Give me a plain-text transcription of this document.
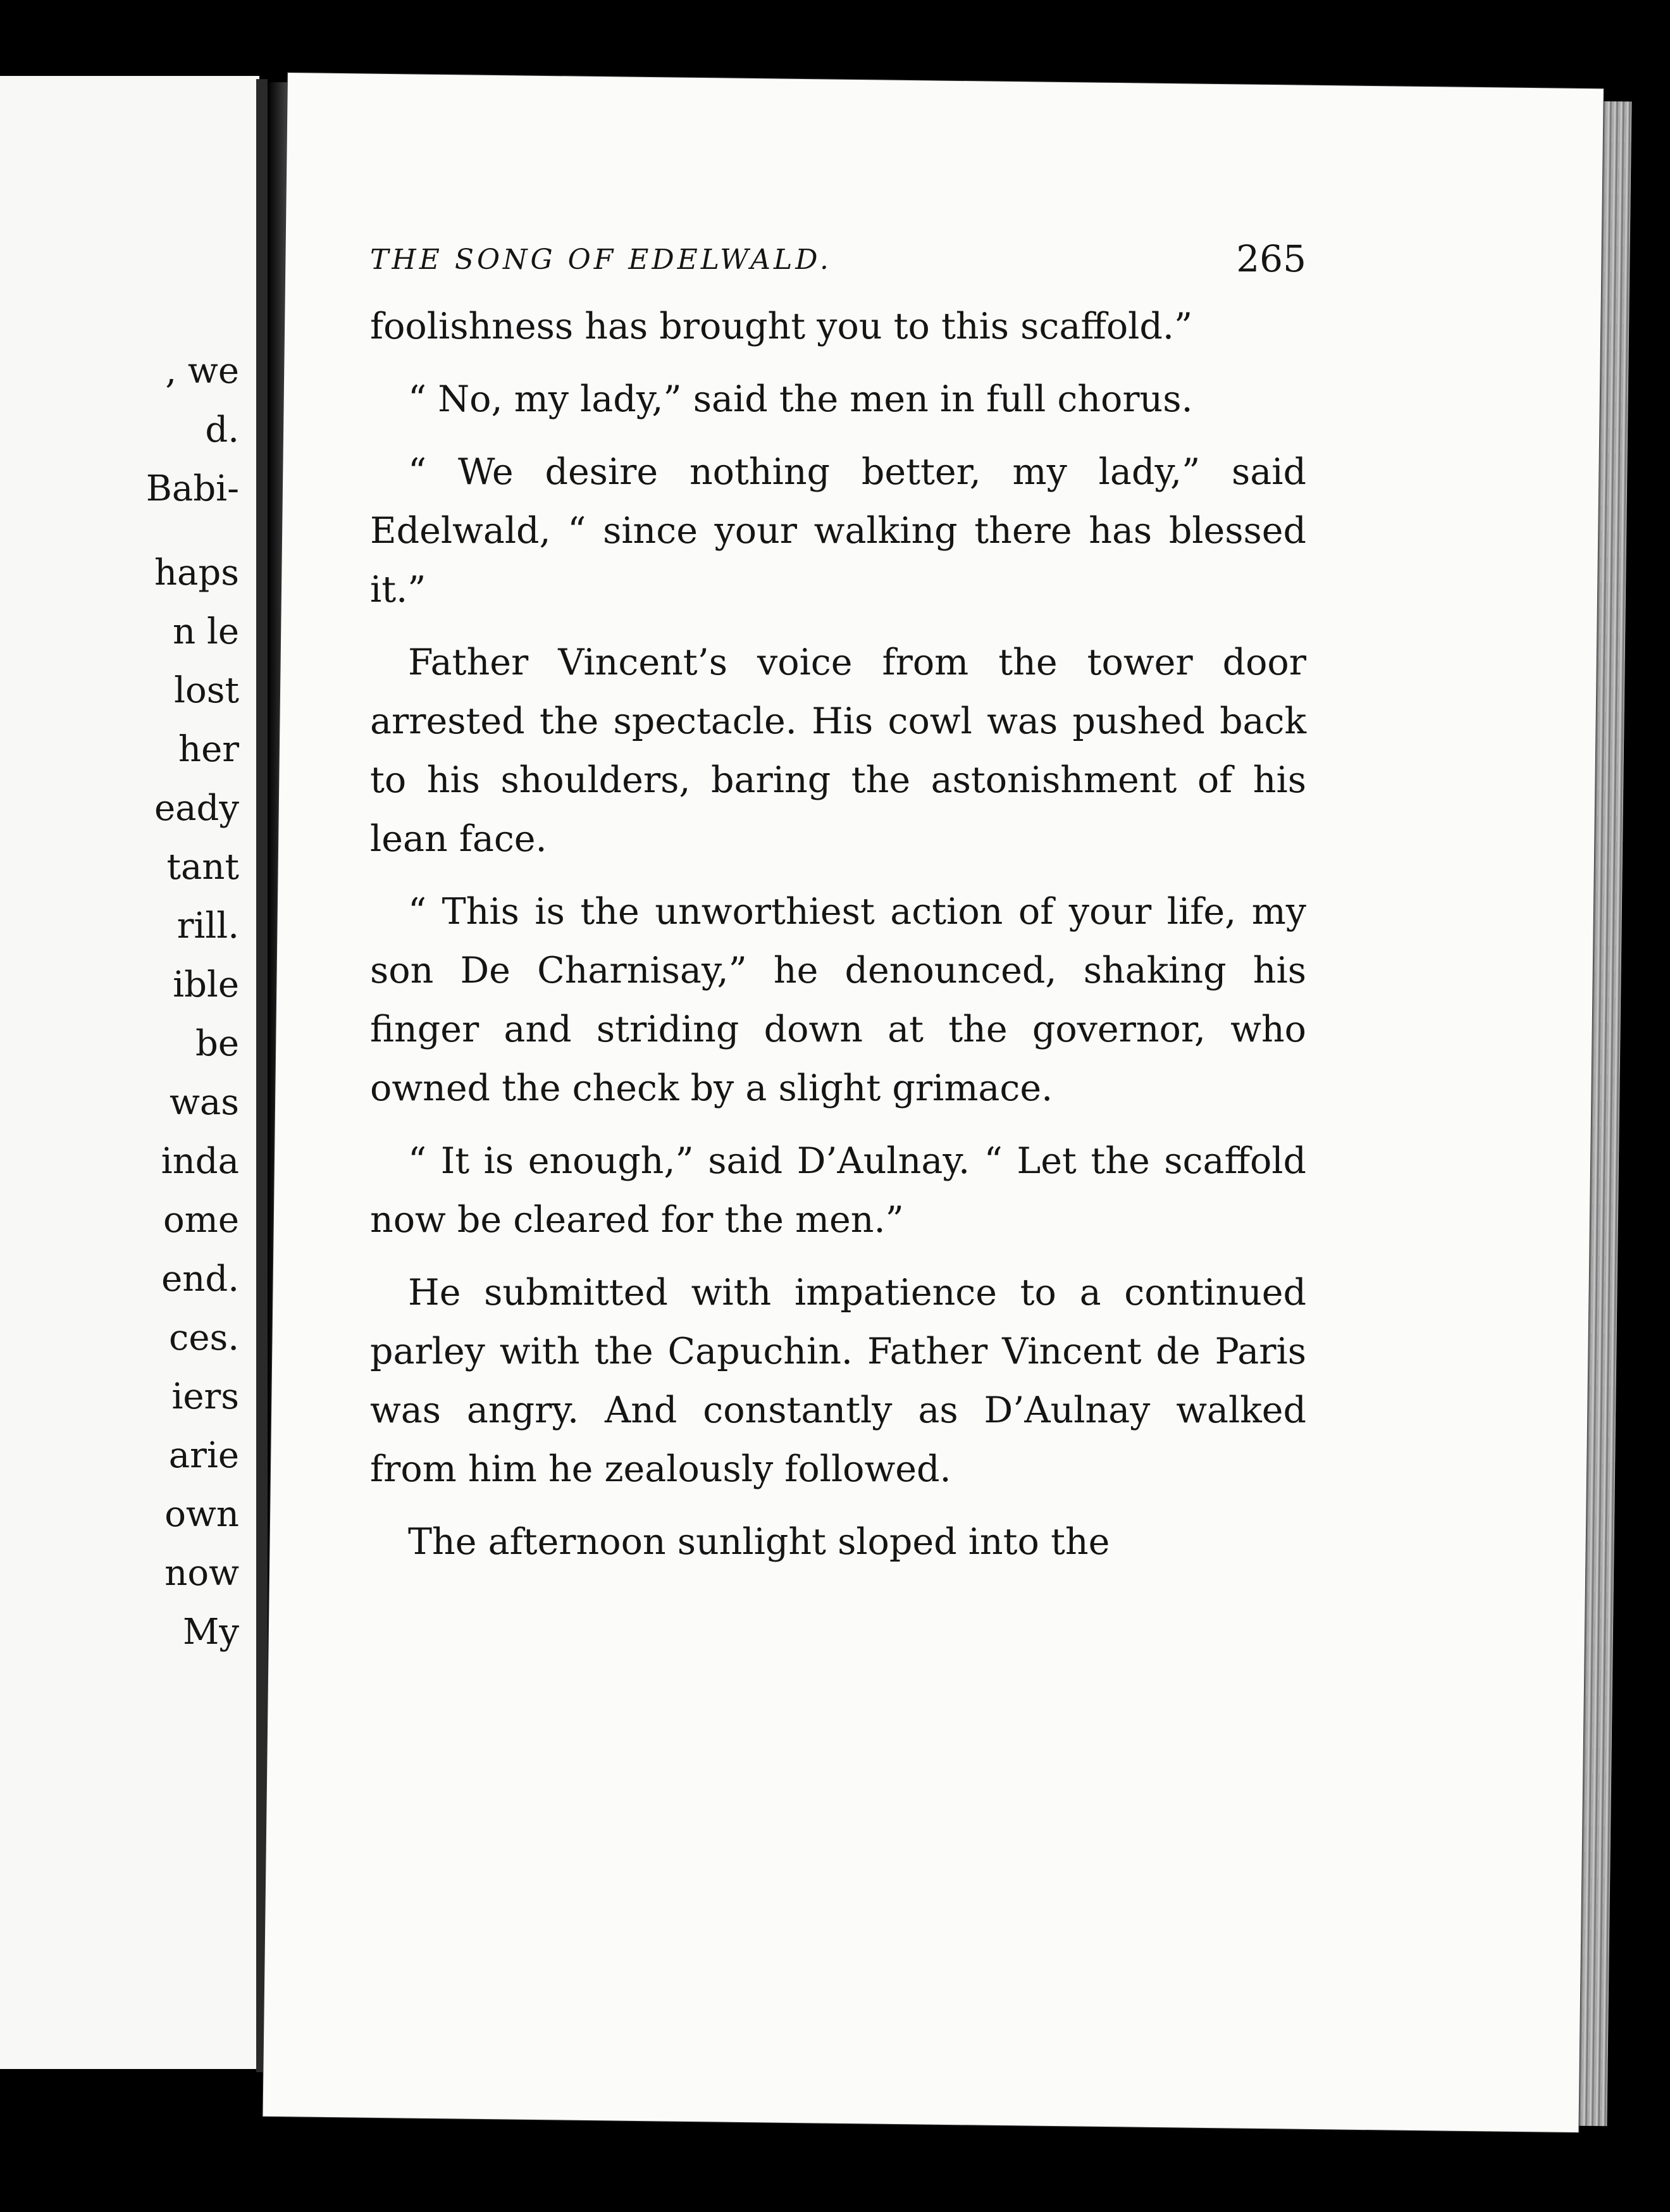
, we
d.
Babi-
haps
n le
lost
her
eady
tant
rill.
ible
be
was
inda
ome
end.
ces.
iers
arie
own
now
My
THE SONG OF EDELWALD.	265

foolishness has brought you to this scaffold.”

“ No, my lady,” said the men in full chorus.

“ We desire nothing better, my lady,” said Edelwald, “ since your walking there has blessed it.”

Father Vincent’s voice from the tower door arrested the spectacle. His cowl was pushed back to his shoulders, baring the astonishment of his lean face.

“ This is the unworthiest action of your life, my son De Charnisay,” he denounced, shaking his finger and striding down at the governor, who owned the check by a slight grimace.

“ It is enough,” said D’Aulnay. “ Let the scaffold now be cleared for the men.”

He submitted with impatience to a continued parley with the Capuchin. Father Vincent de Paris was angry. And constantly as D’Aulnay walked from him he zealously followed.

The afternoon sunlight sloped into the
